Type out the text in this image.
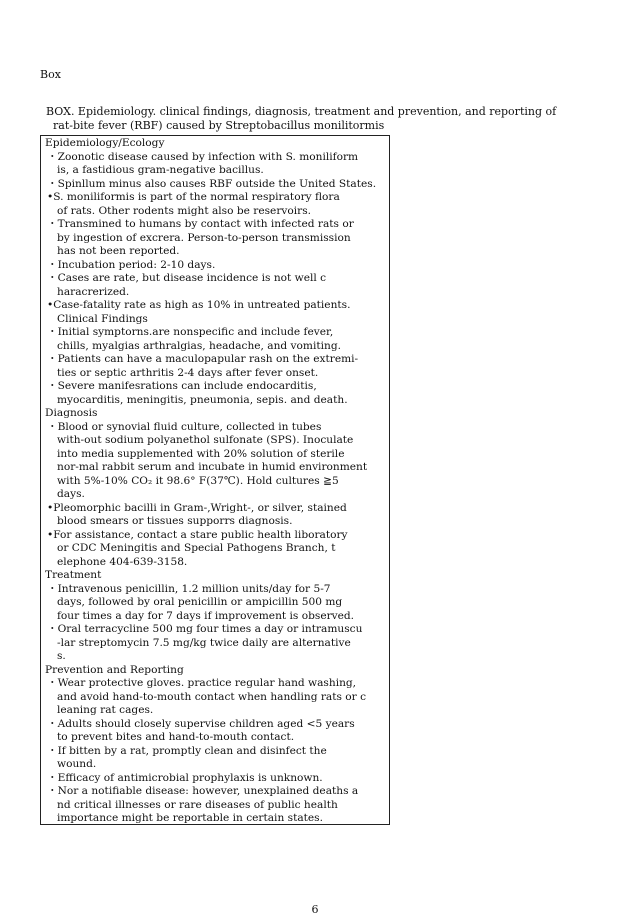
Box
BOX. Epidemiology. clinical findings, diagnosis, treatment and prevention, and reporting of
rat-bite fever (RBF) caused by Streptobacillus monilitormis
Epidemiology/Ecology
・Zoonotic disease caused by infection with S. moniliform
is, a fastidious gram-negative bacillus.
・Spinllum minus also causes RBF outside the United States.
•S. moniliformis is part of the normal respiratory flora
of rats. Other rodents might also be reservoirs.
・Transmined to humans by contact with infected rats or
by ingestion of excrera. Person-to-person transmission
has not been reported.
・Incubation period: 2-10 days.
・Cases are rate, but disease incidence is not well c
haracrerized.
•Case-fatality rate as high as 10% in untreated patients.
Clinical Findings
・Initial symptorns.are nonspecific and include fever,
chills, myalgias arthralgias, headache, and vomiting.
・Patients can have a maculopapular rash on the extremi-
ties or septic arthritis 2-4 days after fever onset.
・Severe manifesrations can include endocarditis,
myocarditis, meningitis, pneumonia, sepis. and death.
Diagnosis
・Blood or synovial fluid culture, collected in tubes
with-out sodium polyanethol sulfonate (SPS). Inoculate
into media supplemented with 20% solution of sterile
nor-mal rabbit serum and incubate in humid environment
with 5%-10% CO₂ it 98.6° F(37℃). Hold cultures ≧5
days.
•Pleomorphic bacilli in Gram-,Wright-, or silver, stained
blood smears or tissues supporrs diagnosis.
•For assistance, contact a stare public health liboratory
or CDC Meningitis and Special Pathogens Branch, t
elephone 404-639-3158.
Treatment
・Intravenous penicillin, 1.2 million units/day for 5-7
days, followed by oral penicillin or ampicillin 500 mg
four times a day for 7 days if improvement is observed.
・Oral terracycline 500 mg four times a day or intramuscu
-lar streptomycin 7.5 mg/kg twice daily are alternative
s.
Prevention and Reporting
・Wear protective gloves. practice regular hand washing,
and avoid hand-to-mouth contact when handling rats or c
leaning rat cages.
・Adults should closely supervise children aged <5 years
to prevent bites and hand-to-mouth contact.
・If bitten by a rat, promptly clean and disinfect the
wound.
・Efficacy of antimicrobial prophylaxis is unknown.
・Nor a notifiable disease: however, unexplained deaths a
nd critical illnesses or rare diseases of public health
importance might be reportable in certain states.
6
